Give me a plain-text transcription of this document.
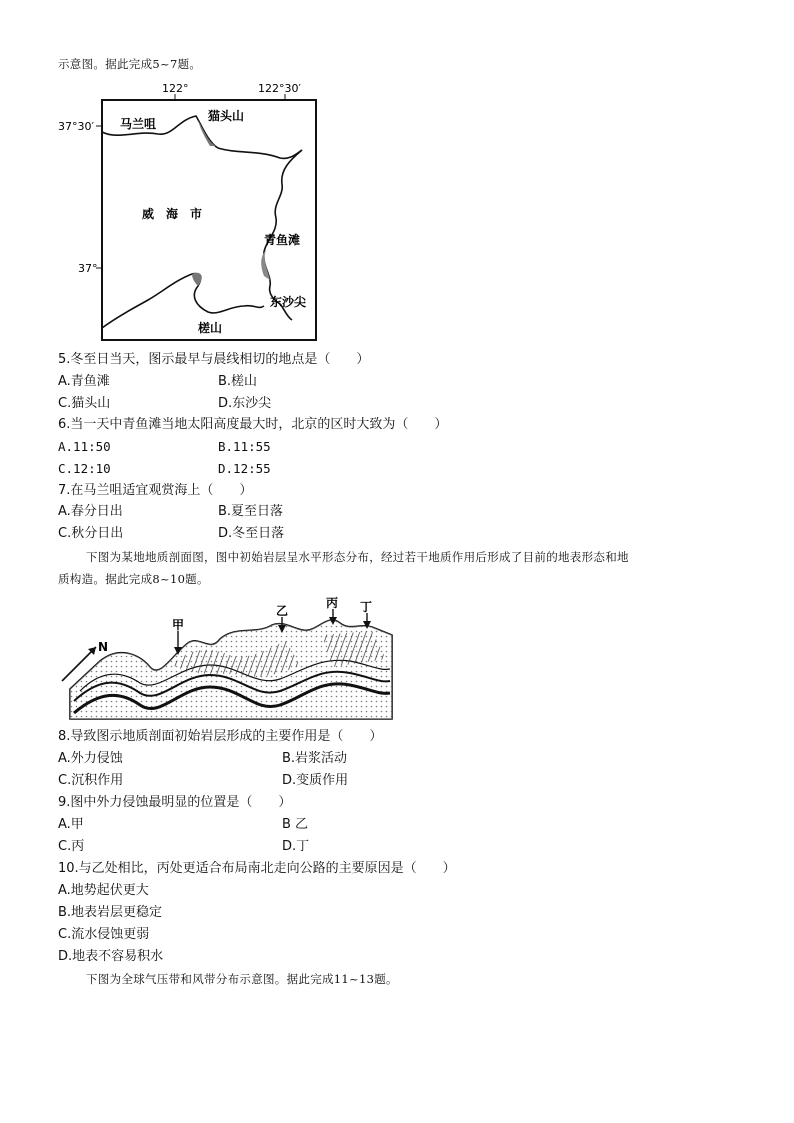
示意图。据此完成5~7题。
122°	122°30′
37°30′
37°
马兰咀
猫头山
威　海　市
青鱼滩
东沙尖
槎山
5.冬至日当天，图示最早与晨线相切的地点是（　　）
A.青鱼滩	B.槎山
C.猫头山	D.东沙尖
6.当一天中青鱼滩当地太阳高度最大时，北京的区时大致为（　　）
A.11:50	B.11:55
C.12:10	D.12:55
7.在马兰咀适宜观赏海上（　　）
A.春分日出	B.夏至日落
C.秋分日出	D.冬至日落
下图为某地地质剖面图，图中初始岩层呈水平形态分布，经过若干地质作用后形成了目前的地表形态和地
质构造。据此完成8~10题。
N
甲
乙
丙 丁
8.导致图示地质剖面初始岩层形成的主要作用是（　　）
A.外力侵蚀	B.岩浆活动
C.沉积作用	D.变质作用
9.图中外力侵蚀最明显的位置是（　　）
A.甲	B 乙
C.丙	D.丁
10.与乙处相比，丙处更适合布局南北走向公路的主要原因是（　　）
A.地势起伏更大
B.地表岩层更稳定
C.流水侵蚀更弱
D.地表不容易积水
下图为全球气压带和风带分布示意图。据此完成11~13题。
